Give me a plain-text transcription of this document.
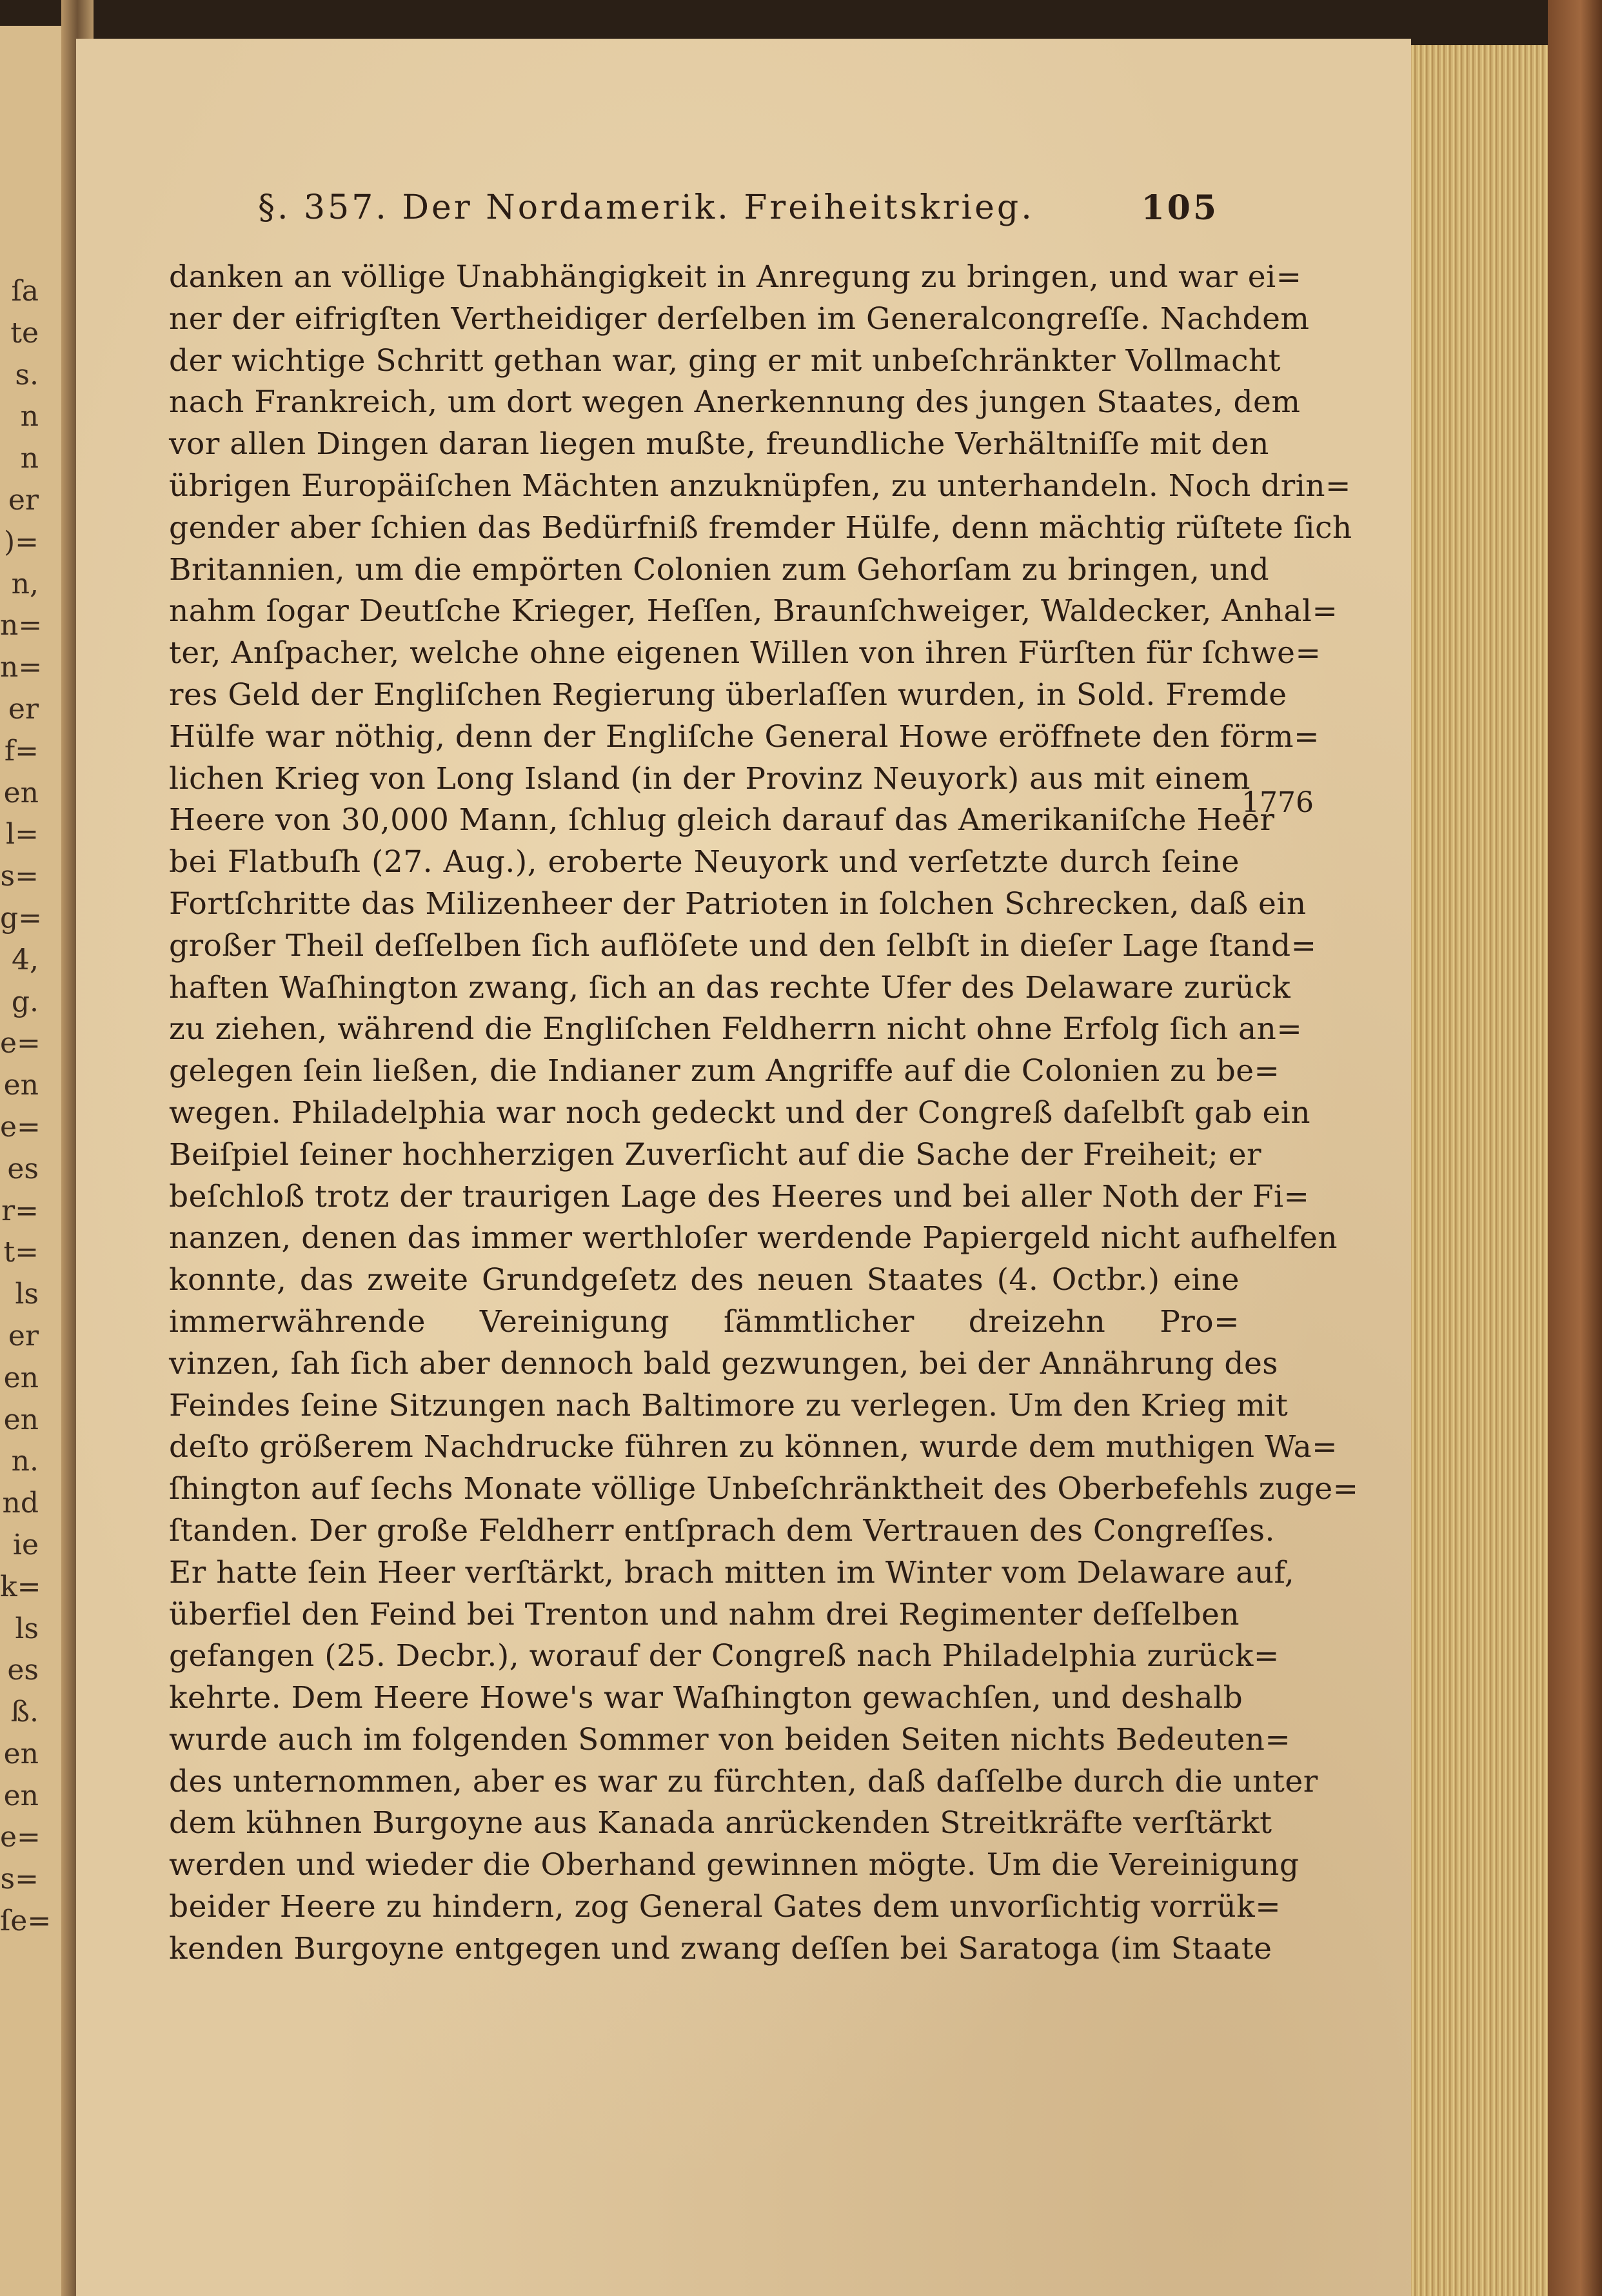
ſa
te
s.
n
n
er
)=
n,
n=
n=
er
f=
en
l=
s=
g=
4,
g.
e=
en
e=
es
r=
t=
ls
er
en
en
n.
nd
ie
k=
ls
es
ß.
en
en
e=
s=
ſe=
§. 357. Der Nordamerik. Freiheitskrieg.	105
danken an völlige Unabhängigkeit in Anregung zu bringen, und war ei=
ner der eifrigſten Vertheidiger derſelben im Generalcongreſſe. Nachdem
der wichtige Schritt gethan war, ging er mit unbeſchränkter Vollmacht
nach Frankreich, um dort wegen Anerkennung des jungen Staates, dem
vor allen Dingen daran liegen mußte, freundliche Verhältniſſe mit den
übrigen Europäiſchen Mächten anzuknüpfen, zu unterhandeln. Noch drin=
gender aber ſchien das Bedürfniß fremder Hülfe, denn mächtig rüſtete ſich
Britannien, um die empörten Colonien zum Gehorſam zu bringen, und
nahm ſogar Deutſche Krieger, Heſſen, Braunſchweiger, Waldecker, Anhal=
ter, Anſpacher, welche ohne eigenen Willen von ihren Fürſten für ſchwe=
res Geld der Engliſchen Regierung überlaſſen wurden, in Sold. Fremde
Hülfe war nöthig, denn der Engliſche General Howe eröffnete den förm=
lichen Krieg von Long Island (in der Provinz Neuyork) aus mit einem
Heere von 30,000 Mann, ſchlug gleich darauf das Amerikaniſche Heer
bei Flatbuſh (27. Aug.), eroberte Neuyork und verſetzte durch ſeine
Fortſchritte das Milizenheer der Patrioten in ſolchen Schrecken, daß ein
großer Theil deſſelben ſich auflöſete und den ſelbſt in dieſer Lage ſtand=
haften Waſhington zwang, ſich an das rechte Ufer des Delaware zurück
zu ziehen, während die Engliſchen Feldherrn nicht ohne Erfolg ſich an=
gelegen ſein ließen, die Indianer zum Angriffe auf die Colonien zu be=
wegen. Philadelphia war noch gedeckt und der Congreß daſelbſt gab ein
Beiſpiel ſeiner hochherzigen Zuverſicht auf die Sache der Freiheit; er
beſchloß trotz der traurigen Lage des Heeres und bei aller Noth der Fi=
nanzen, denen das immer werthloſer werdende Papiergeld nicht aufhelfen
konnte, das zweite Grundgeſetz des neuen Staates (4. Octbr.) eine
immerwährende Vereinigung ſämmtlicher dreizehn Pro=
vinzen, ſah ſich aber dennoch bald gezwungen, bei der Annährung des
Feindes ſeine Sitzungen nach Baltimore zu verlegen. Um den Krieg mit
deſto größerem Nachdrucke führen zu können, wurde dem muthigen Wa=
ſhington auf ſechs Monate völlige Unbeſchränktheit des Oberbefehls zuge=
ſtanden. Der große Feldherr entſprach dem Vertrauen des Congreſſes.
Er hatte ſein Heer verſtärkt, brach mitten im Winter vom Delaware auf,
überfiel den Feind bei Trenton und nahm drei Regimenter deſſelben
gefangen (25. Decbr.), worauf der Congreß nach Philadelphia zurück=
kehrte. Dem Heere Howe's war Waſhington gewachſen, und deshalb
wurde auch im folgenden Sommer von beiden Seiten nichts Bedeuten=
des unternommen, aber es war zu fürchten, daß daſſelbe durch die unter
dem kühnen Burgoyne aus Kanada anrückenden Streitkräfte verſtärkt
werden und wieder die Oberhand gewinnen mögte. Um die Vereinigung
beider Heere zu hindern, zog General Gates dem unvorſichtig vorrük=
kenden Burgoyne entgegen und zwang deſſen bei Saratoga (im Staate
1776
